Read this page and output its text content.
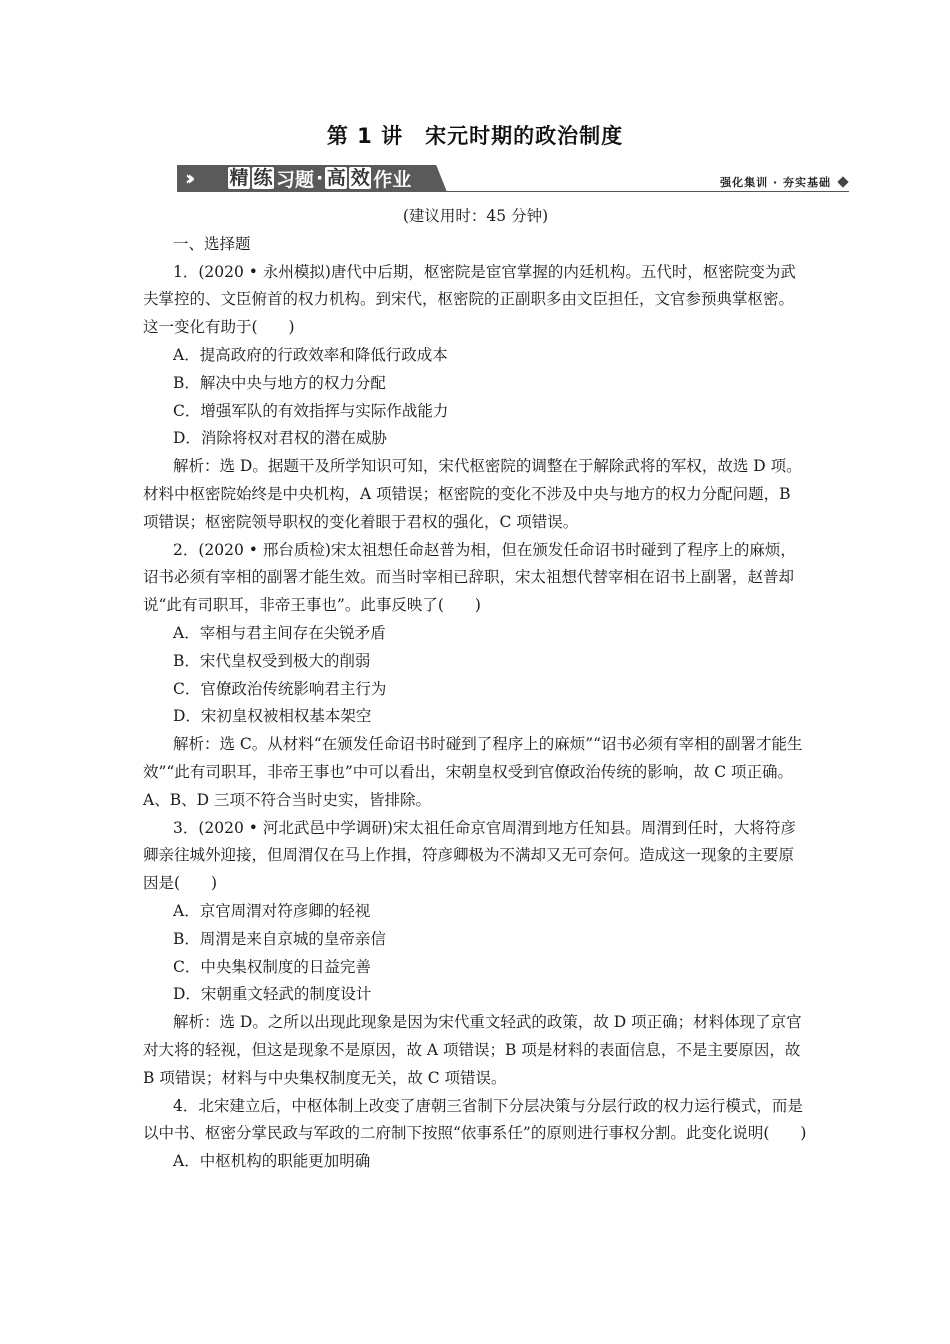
第 1 讲　宋元时期的政治制度
››	精 练 习题 · 高 效 作业	强化集训 · 夯实基础

(建议用时：45 分钟)

一、选择题

1．(2020 • 永州模拟)唐代中后期，枢密院是宦官掌握的内廷机构。五代时，枢密院变为武夫掌控的、文臣俯首的权力机构。到宋代，枢密院的正副职多由文臣担任，文官参预典掌枢密。这一变化有助于(　　)

A．提高政府的行政效率和降低行政成本

B．解决中央与地方的权力分配

C．增强军队的有效指挥与实际作战能力

D．消除将权对君权的潜在威胁

解析：选 D。据题干及所学知识可知，宋代枢密院的调整在于解除武将的军权，故选 D 项。材料中枢密院始终是中央机构，A 项错误；枢密院的变化不涉及中央与地方的权力分配问题，B 项错误；枢密院领导职权的变化着眼于君权的强化，C 项错误。

2．(2020 • 邢台质检)宋太祖想任命赵普为相，但在颁发任命诏书时碰到了程序上的麻烦，诏书必须有宰相的副署才能生效。而当时宰相已辞职，宋太祖想代替宰相在诏书上副署，赵普却说“此有司职耳，非帝王事也”。此事反映了(　　)

A．宰相与君主间存在尖锐矛盾

B．宋代皇权受到极大的削弱

C．官僚政治传统影响君主行为

D．宋初皇权被相权基本架空

解析：选 C。从材料“在颁发任命诏书时碰到了程序上的麻烦”“诏书必须有宰相的副署才能生效”“此有司职耳，非帝王事也”中可以看出，宋朝皇权受到官僚政治传统的影响，故 C 项正确。A、B、D 三项不符合当时史实，皆排除。

3．(2020 • 河北武邑中学调研)宋太祖任命京官周渭到地方任知县。周渭到任时，大将符彦卿亲往城外迎接，但周渭仅在马上作揖，符彦卿极为不满却又无可奈何。造成这一现象的主要原因是(　　)

A．京官周渭对符彦卿的轻视

B．周渭是来自京城的皇帝亲信

C．中央集权制度的日益完善

D．宋朝重文轻武的制度设计

解析：选 D。之所以出现此现象是因为宋代重文轻武的政策，故 D 项正确；材料体现了京官对大将的轻视，但这是现象不是原因，故 A 项错误；B 项是材料的表面信息，不是主要原因，故 B 项错误；材料与中央集权制度无关，故 C 项错误。

4．北宋建立后，中枢体制上改变了唐朝三省制下分层决策与分层行政的权力运行模式，而是以中书、枢密分掌民政与军政的二府制下按照“依事系任”的原则进行事权分割。此变化说明(　　)

A．中枢机构的职能更加明确
